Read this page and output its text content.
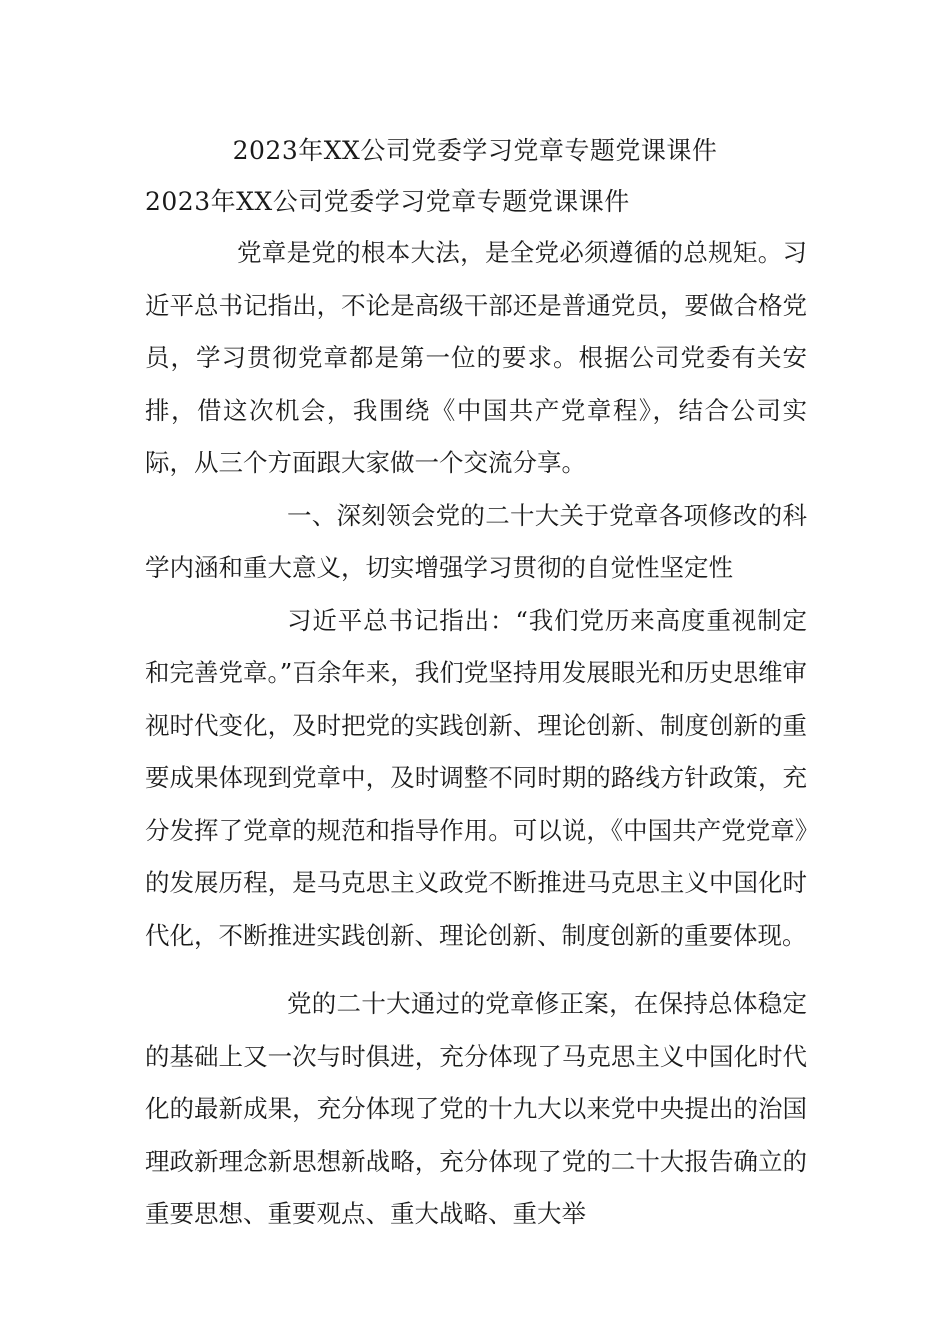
2023年XX公司党委学习党章专题党课课件
2023年XX公司党委学习党章专题党课课件

党章是党的根本大法，是全党必须遵循的总规矩。习近平总书记指出，不论是高级干部还是普通党员，要做合格党员，学习贯彻党章都是第一位的要求。根据公司党委有关安排，借这次机会，我围绕《中国共产党章程》，结合公司实际，从三个方面跟大家做一个交流分享。

一、深刻领会党的二十大关于党章各项修改的科学内涵和重大意义，切实增强学习贯彻的自觉性坚定性

习近平总书记指出：“我们党历来高度重视制定和完善党章。”百余年来，我们党坚持用发展眼光和历史思维审视时代变化，及时把党的实践创新、理论创新、制度创新的重要成果体现到党章中，及时调整不同时期的路线方针政策，充分发挥了党章的规范和指导作用。可以说，《中国共产党党章》的发展历程，是马克思主义政党不断推进马克思主义中国化时代化，不断推进实践创新、理论创新、制度创新的重要体现。

党的二十大通过的党章修正案，在保持总体稳定的基础上又一次与时俱进，充分体现了马克思主义中国化时代化的最新成果，充分体现了党的十九大以来党中央提出的治国理政新理念新思想新战略，充分体现了党的二十大报告确立的重要思想、重要观点、重大战略、重大举
